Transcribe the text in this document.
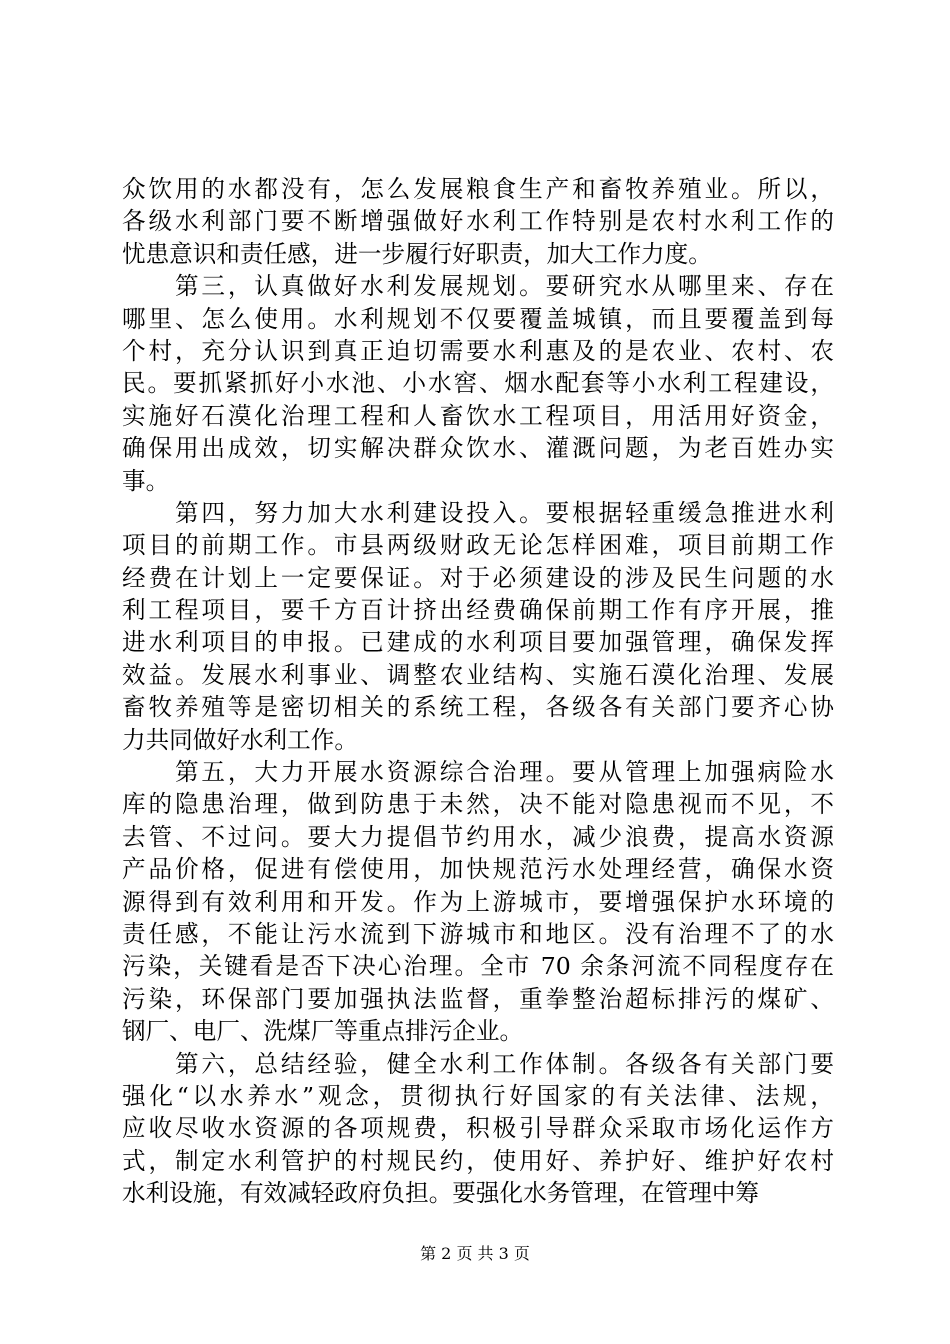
众饮用的水都没有，怎么发展粮食生产和畜牧养殖业。所以，
各级水利部门要不断增强做好水利工作特别是农村水利工作的
忧患意识和责任感，进一步履行好职责，加大工作力度。
　　第三，认真做好水利发展规划。要研究水从哪里来、存在
哪里、怎么使用。水利规划不仅要覆盖城镇，而且要覆盖到每
个村，充分认识到真正迫切需要水利惠及的是农业、农村、农
民。要抓紧抓好小水池、小水窖、烟水配套等小水利工程建设，
实施好石漠化治理工程和人畜饮水工程项目，用活用好资金，
确保用出成效，切实解决群众饮水、灌溉问题，为老百姓办实
事。
　　第四，努力加大水利建设投入。要根据轻重缓急推进水利
项目的前期工作。市县两级财政无论怎样困难，项目前期工作
经费在计划上一定要保证。对于必须建设的涉及民生问题的水
利工程项目，要千方百计挤出经费确保前期工作有序开展，推
进水利项目的申报。已建成的水利项目要加强管理，确保发挥
效益。发展水利事业、调整农业结构、实施石漠化治理、发展
畜牧养殖等是密切相关的系统工程，各级各有关部门要齐心协
力共同做好水利工作。
　　第五，大力开展水资源综合治理。要从管理上加强病险水
库的隐患治理，做到防患于未然，决不能对隐患视而不见，不
去管、不过问。要大力提倡节约用水，减少浪费，提高水资源
产品价格，促进有偿使用，加快规范污水处理经营，确保水资
源得到有效利用和开发。作为上游城市，要增强保护水环境的
责任感，不能让污水流到下游城市和地区。没有治理不了的水
污染，关键看是否下决心治理。全市 70 余条河流不同程度存在
污染，环保部门要加强执法监督，重拳整治超标排污的煤矿、
钢厂、电厂、洗煤厂等重点排污企业。
　　第六，总结经验，健全水利工作体制。各级各有关部门要
强化“以水养水”观念，贯彻执行好国家的有关法律、法规，
应收尽收水资源的各项规费，积极引导群众采取市场化运作方
式，制定水利管护的村规民约，使用好、养护好、维护好农村
水利设施，有效减轻政府负担。要强化水务管理，在管理中筹
第 2 页 共 3 页
